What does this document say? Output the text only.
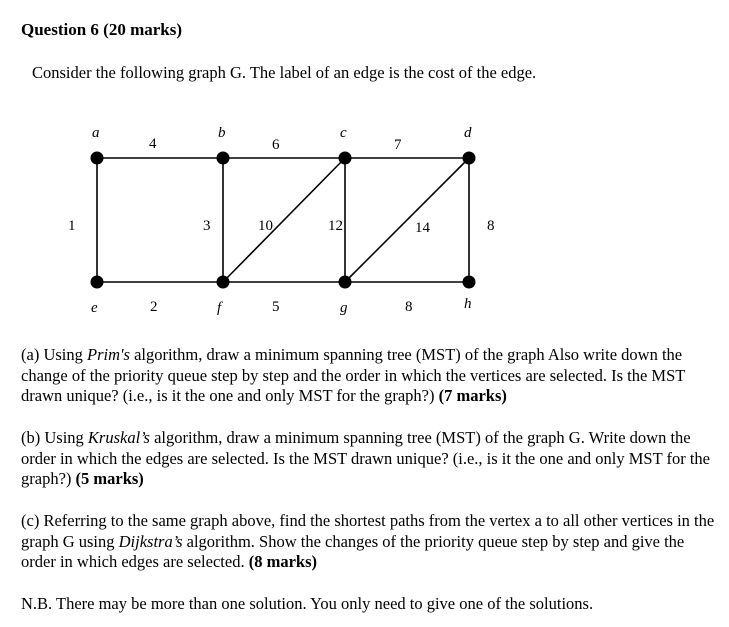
Question 6 (20 marks)
Consider the following graph G. The label of an edge is the cost of the edge.
a	b	c	d
e	f	g	h
4	6	7
1	3	10	12	14	8
2	5	8
(a) Using Prim's algorithm, draw a minimum spanning tree (MST) of the graph Also write down the change of the priority queue step by step and the order in which the vertices are selected. Is the MST drawn unique? (i.e., is it the one and only MST for the graph?) (7 marks)
(b) Using Kruskal’s algorithm, draw a minimum spanning tree (MST) of the graph G. Write down the order in which the edges are selected. Is the MST drawn unique? (i.e., is it the one and only MST for the graph?) (5 marks)
(c) Referring to the same graph above, find the shortest paths from the vertex a to all other vertices in the graph G using Dijkstra’s algorithm. Show the changes of the priority queue step by step and give the order in which edges are selected. (8 marks)
N.B. There may be more than one solution. You only need to give one of the solutions.
